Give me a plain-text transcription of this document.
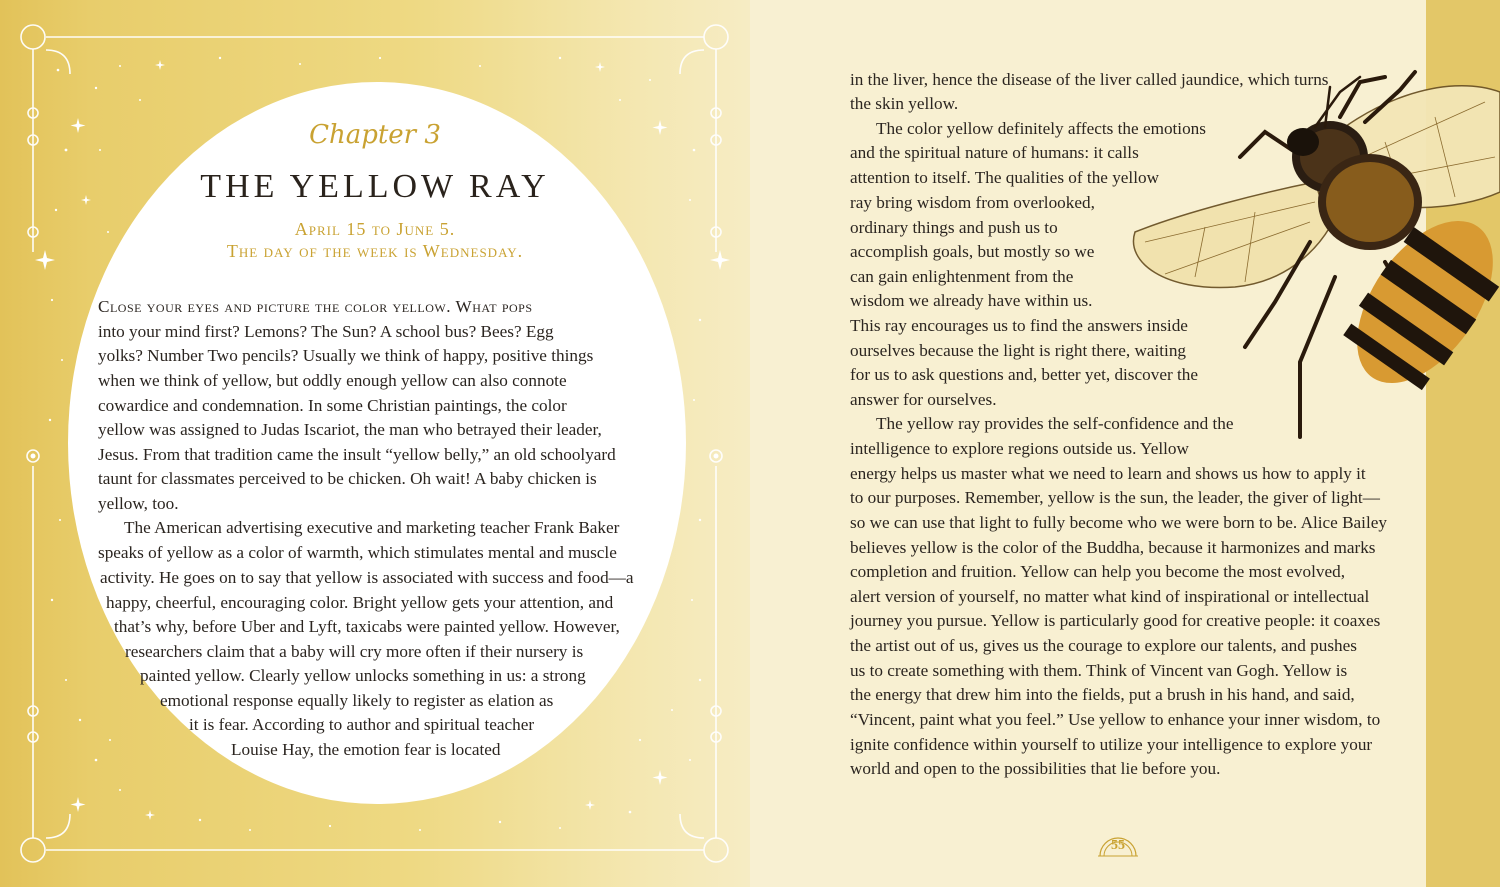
Chapter 3
THE YELLOW RAY
April 15 to June 5.
The day of the week is Wednesday.
Close your eyes and picture the color yellow. What pops
into your mind first? Lemons? The Sun? A school bus? Bees? Egg
yolks? Number Two pencils? Usually we think of happy, positive things
when we think of yellow, but oddly enough yellow can also connote
cowardice and condemnation. In some Christian paintings, the color
yellow was assigned to Judas Iscariot, the man who betrayed their leader,
Jesus. From that tradition came the insult “yellow belly,” an old schoolyard
taunt for classmates perceived to be chicken. Oh wait! A baby chicken is
yellow, too.
The American advertising executive and marketing teacher Frank Baker
speaks of yellow as a color of warmth, which stimulates mental and muscle
activity. He goes on to say that yellow is associated with success and food—a
happy, cheerful, encouraging color. Bright yellow gets your attention, and
that’s why, before Uber and Lyft, taxicabs were painted yellow. However,
researchers claim that a baby will cry more often if their nursery is
painted yellow. Clearly yellow unlocks something in us: a strong
emotional response equally likely to register as elation as
it is fear. According to author and spiritual teacher
Louise Hay, the emotion fear is located
in the liver, hence the disease of the liver called jaundice, which turns
the skin yellow.
The color yellow definitely affects the emotions
and the spiritual nature of humans: it calls
attention to itself. The qualities of the yellow
ray bring wisdom from overlooked,
ordinary things and push us to
accomplish goals, but mostly so we
can gain enlightenment from the
wisdom we already have within us.
This ray encourages us to find the answers inside
ourselves because the light is right there, waiting
for us to ask questions and, better yet, discover the
answer for ourselves.
The yellow ray provides the self-confidence and the
intelligence to explore regions outside us. Yellow
energy helps us master what we need to learn and shows us how to apply it
to our purposes. Remember, yellow is the sun, the leader, the giver of light—
so we can use that light to fully become who we were born to be. Alice Bailey
believes yellow is the color of the Buddha, because it harmonizes and marks
completion and fruition. Yellow can help you become the most evolved,
alert version of yourself, no matter what kind of inspirational or intellectual
journey you pursue. Yellow is particularly good for creative people: it coaxes
the artist out of us, gives us the courage to explore our talents, and pushes
us to create something with them. Think of Vincent van Gogh. Yellow is
the energy that drew him into the fields, put a brush in his hand, and said,
“Vincent, paint what you feel.” Use yellow to enhance your inner wisdom, to
ignite confidence within yourself to utilize your intelligence to explore your
world and open to the possibilities that lie before you.
55
